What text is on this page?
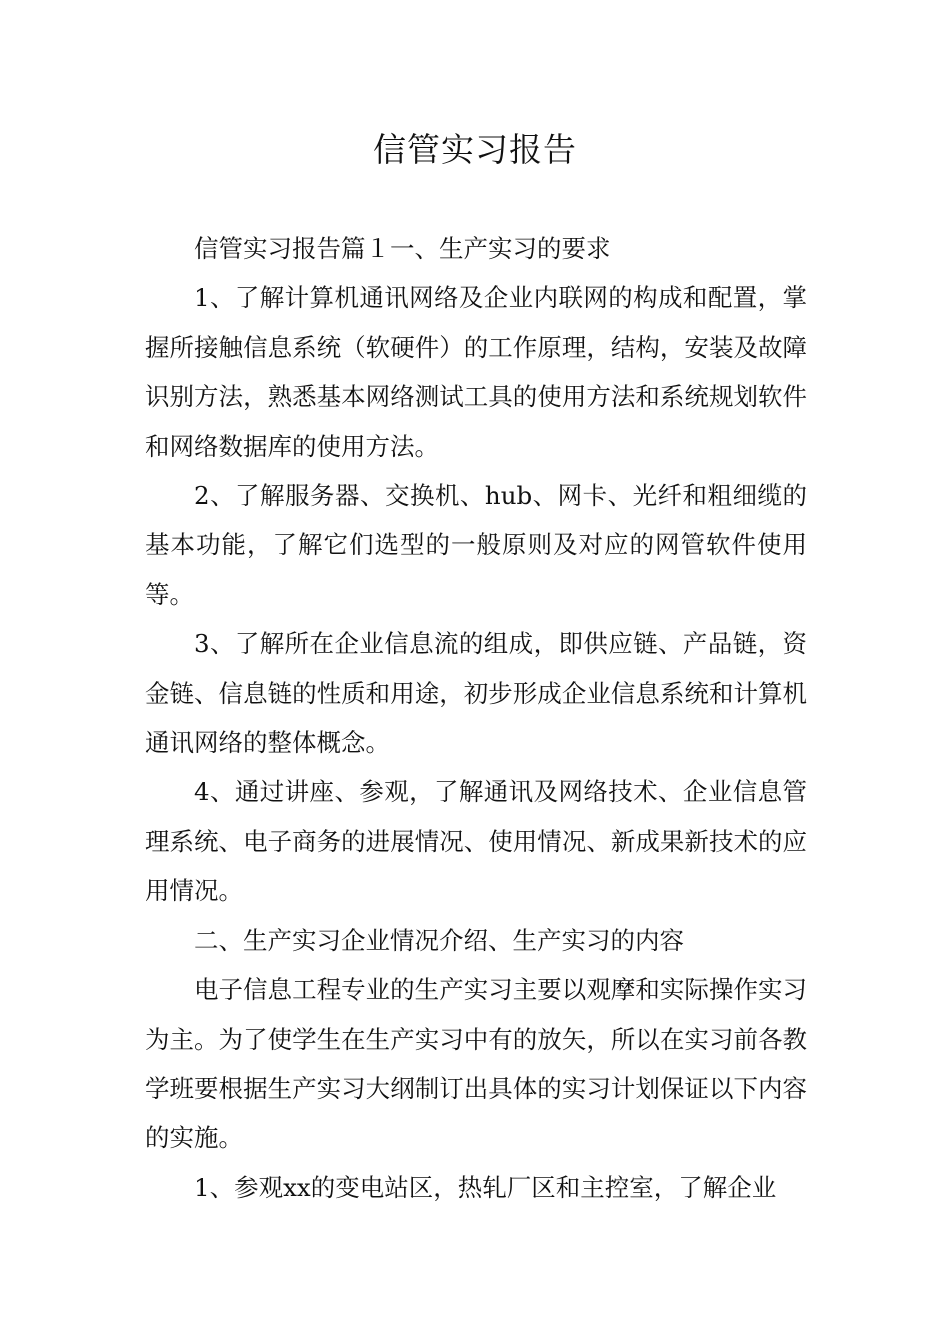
信管实习报告

信管实习报告篇１一、生产实习的要求

1、了解计算机通讯网络及企业内联网的构成和配置，掌握所接触信息系统（软硬件）的工作原理，结构，安装及故障识别方法，熟悉基本网络测试工具的使用方法和系统规划软件和网络数据库的使用方法。

2、了解服务器、交换机、hub、网卡、光纤和粗细缆的基本功能，了解它们选型的一般原则及对应的网管软件使用等。

3、了解所在企业信息流的组成，即供应链、产品链，资金链、信息链的性质和用途，初步形成企业信息系统和计算机通讯网络的整体概念。

4、通过讲座、参观，了解通讯及网络技术、企业信息管理系统、电子商务的进展情况、使用情况、新成果新技术的应用情况。

二、生产实习企业情况介绍、生产实习的内容

电子信息工程专业的生产实习主要以观摩和实际操作实习为主。为了使学生在生产实习中有的放矢，所以在实习前各教学班要根据生产实习大纲制订出具体的实习计划保证以下内容的实施。

1、参观xx的变电站区，热轧厂区和主控室，了解企业
